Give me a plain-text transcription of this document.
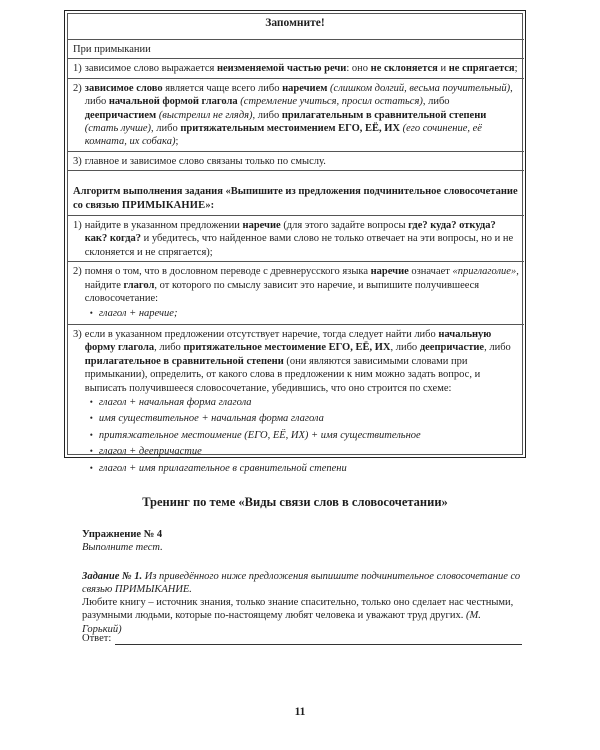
Запомните!
При примыкании
1) зависимое слово выражается неизменяемой частью речи: оно не склоняется и не спрягается;
2) зависимое слово является чаще всего либо наречием (слишком долгий, весьма поучительный), либо начальной формой глагола (стремление учиться, просил остаться), либо деепричастием (выстрелил не глядя), либо прилагательным в сравнительной степени (стать лучше), либо притяжательным местоимением ЕГО, ЕЁ, ИХ (его сочинение, её комната, их собака);
3) главное и зависимое слово связаны только по смыслу.
Алгоритм выполнения задания «Выпишите из предложения подчинительное словосочетание со связью ПРИМЫКАНИЕ»:
1) найдите в указанном предложении наречие (для этого задайте вопросы где? куда? откуда? как? когда? и убедитесь, что найденное вами слово не только отвечает на эти вопросы, но и не склоняется и не спрягается);
2) помня о том, что в дословном переводе с древнерусского языка наречие означает «приглаголие», найдите глагол, от которого по смыслу зависит это наречие, и выпишите получившееся словосочетание:
• глагол + наречие;
3) если в указанном предложении отсутствует наречие, тогда следует найти либо начальную форму глагола, либо притяжательное местоимение ЕГО, ЕЁ, ИХ, либо деепричастие, либо прилагательное в сравнительной степени (они являются зависимыми словами при примыкании), определить, от какого слова в предложении к ним можно задать вопрос, и выписать получившееся словосочетание, убедившись, что оно строится по схеме:
• глагол + начальная форма глагола
• имя существительное + начальная форма глагола
• притяжательное местоимение (ЕГО, ЕЁ, ИХ) + имя существительное
• глагол + деепричастие
• глагол + имя прилагательное в сравнительной степени
Тренинг по теме «Виды связи слов в словосочетании»
Упражнение № 4
Выполните тест.
Задание № 1. Из приведённого ниже предложения выпишите подчинительное словосочетание со связью ПРИМЫКАНИЕ.
Любите книгу – источник знания, только знание спасительно, только оно сделает нас честными, разумными людьми, которые по-настоящему любят человека и уважают труд других. (М. Горький)
Ответ:
11
